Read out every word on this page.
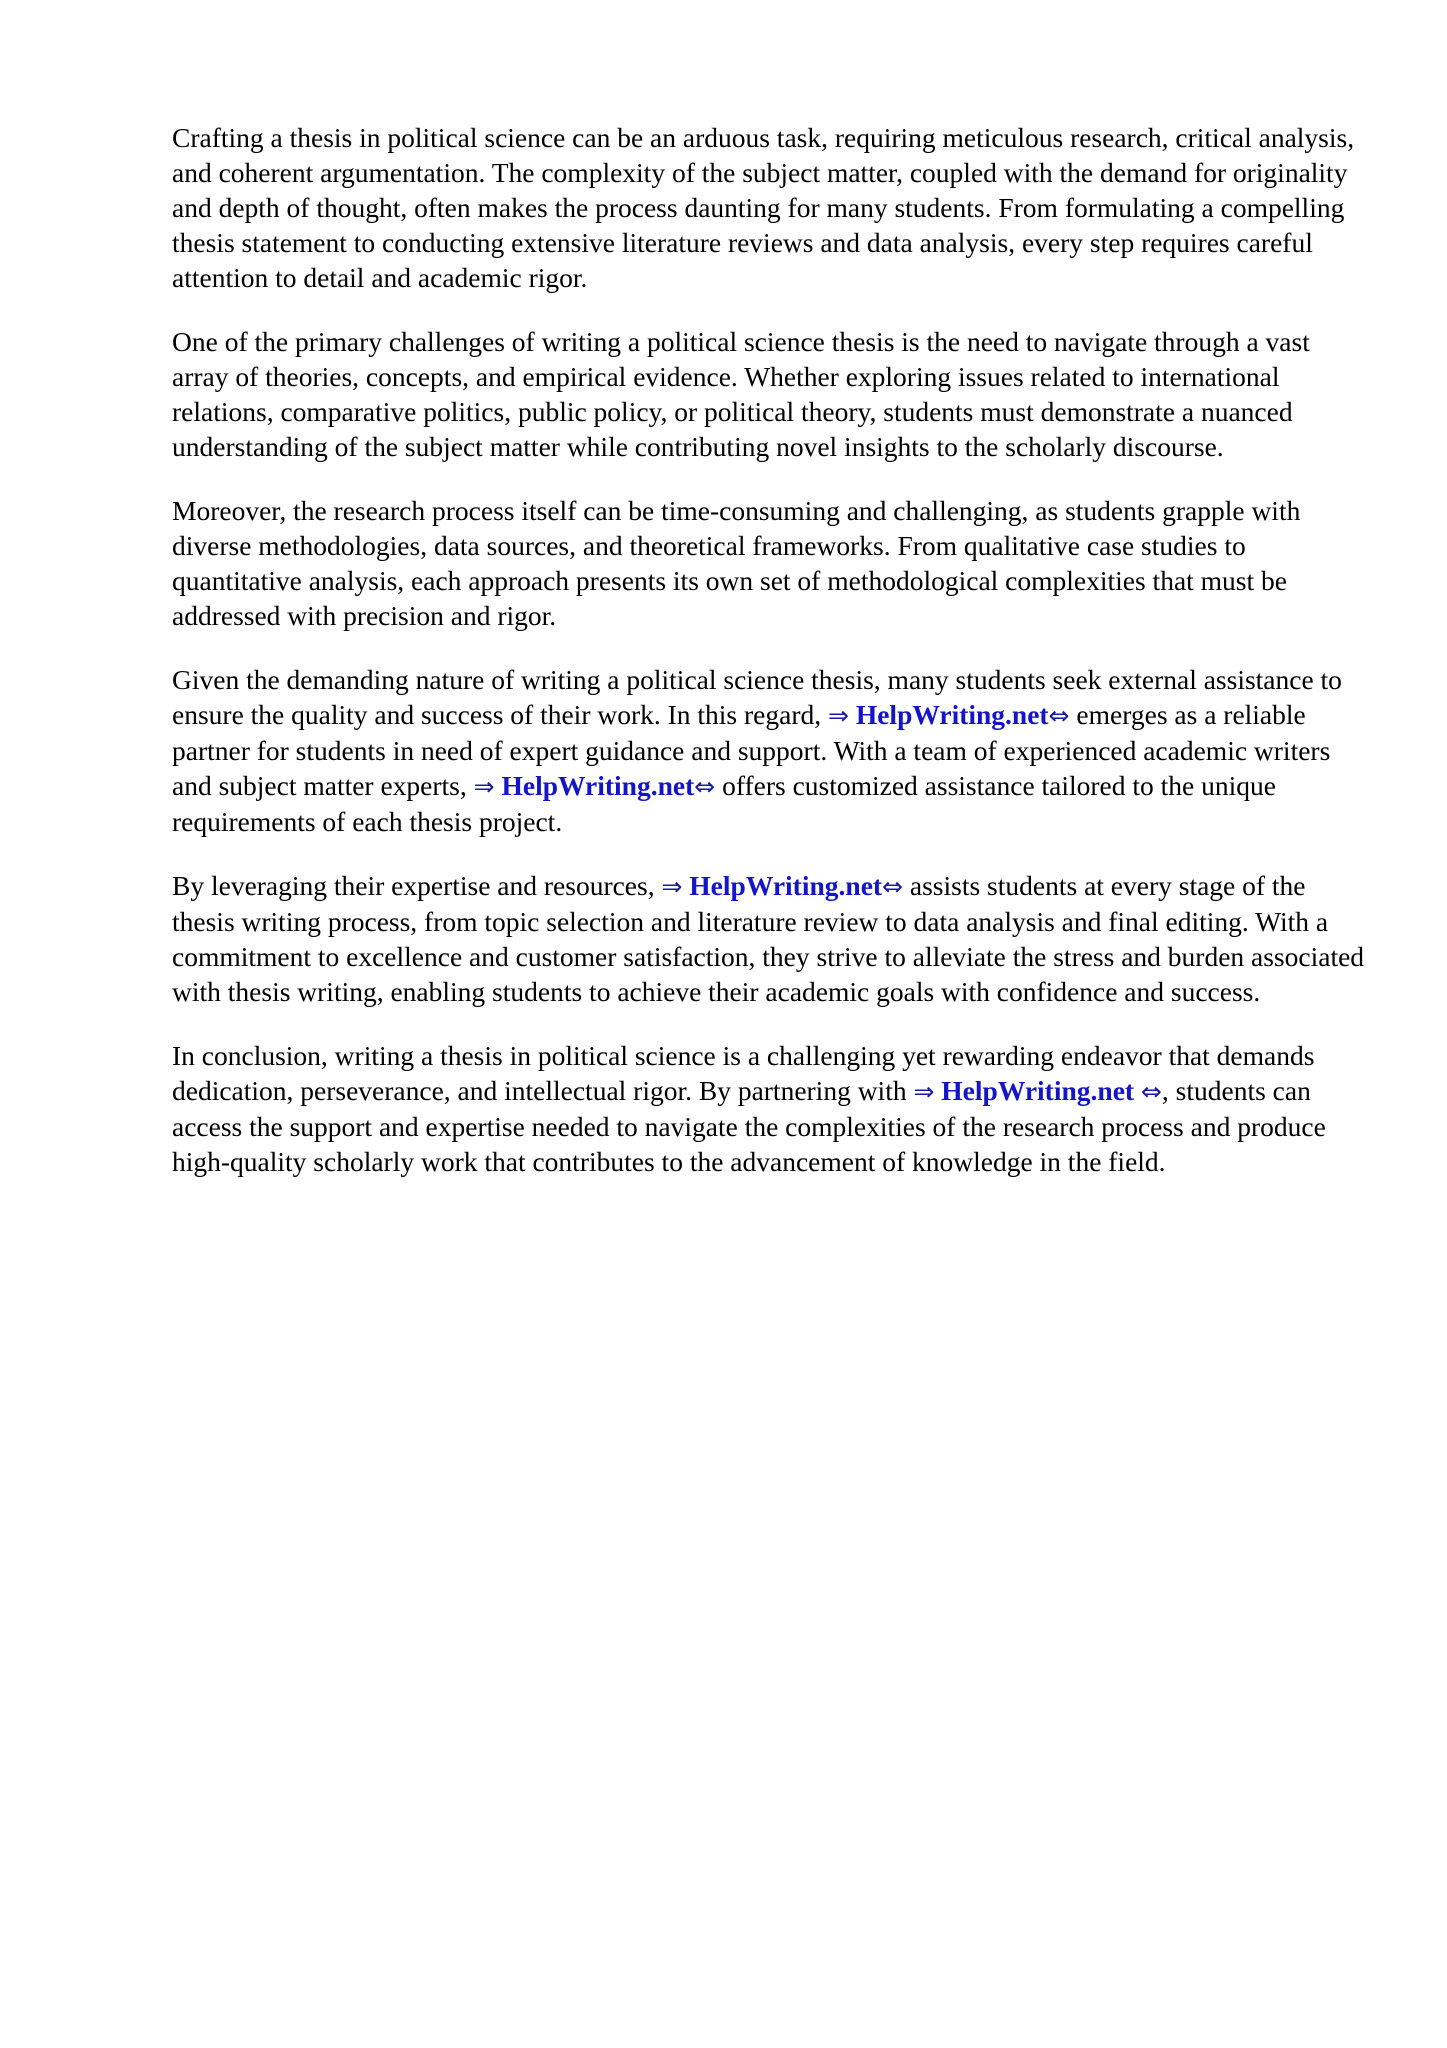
Crafting a thesis in political science can be an arduous task, requiring meticulous research, critical analysis, and coherent argumentation. The complexity of the subject matter, coupled with the demand for originality and depth of thought, often makes the process daunting for many students. From formulating a compelling thesis statement to conducting extensive literature reviews and data analysis, every step requires careful attention to detail and academic rigor.

One of the primary challenges of writing a political science thesis is the need to navigate through a vast array of theories, concepts, and empirical evidence. Whether exploring issues related to international relations, comparative politics, public policy, or political theory, students must demonstrate a nuanced understanding of the subject matter while contributing novel insights to the scholarly discourse.

Moreover, the research process itself can be time-consuming and challenging, as students grapple with diverse methodologies, data sources, and theoretical frameworks. From qualitative case studies to quantitative analysis, each approach presents its own set of methodological complexities that must be addressed with precision and rigor.

Given the demanding nature of writing a political science thesis, many students seek external assistance to ensure the quality and success of their work. In this regard, ⇒ HelpWriting.net⇔ emerges as a reliable partner for students in need of expert guidance and support. With a team of experienced academic writers and subject matter experts, ⇒ HelpWriting.net⇔ offers customized assistance tailored to the unique requirements of each thesis project.

By leveraging their expertise and resources, ⇒ HelpWriting.net⇔ assists students at every stage of the thesis writing process, from topic selection and literature review to data analysis and final editing. With a commitment to excellence and customer satisfaction, they strive to alleviate the stress and burden associated with thesis writing, enabling students to achieve their academic goals with confidence and success.

In conclusion, writing a thesis in political science is a challenging yet rewarding endeavor that demands dedication, perseverance, and intellectual rigor. By partnering with ⇒ HelpWriting.net ⇔, students can access the support and expertise needed to navigate the complexities of the research process and produce high-quality scholarly work that contributes to the advancement of knowledge in the field.
